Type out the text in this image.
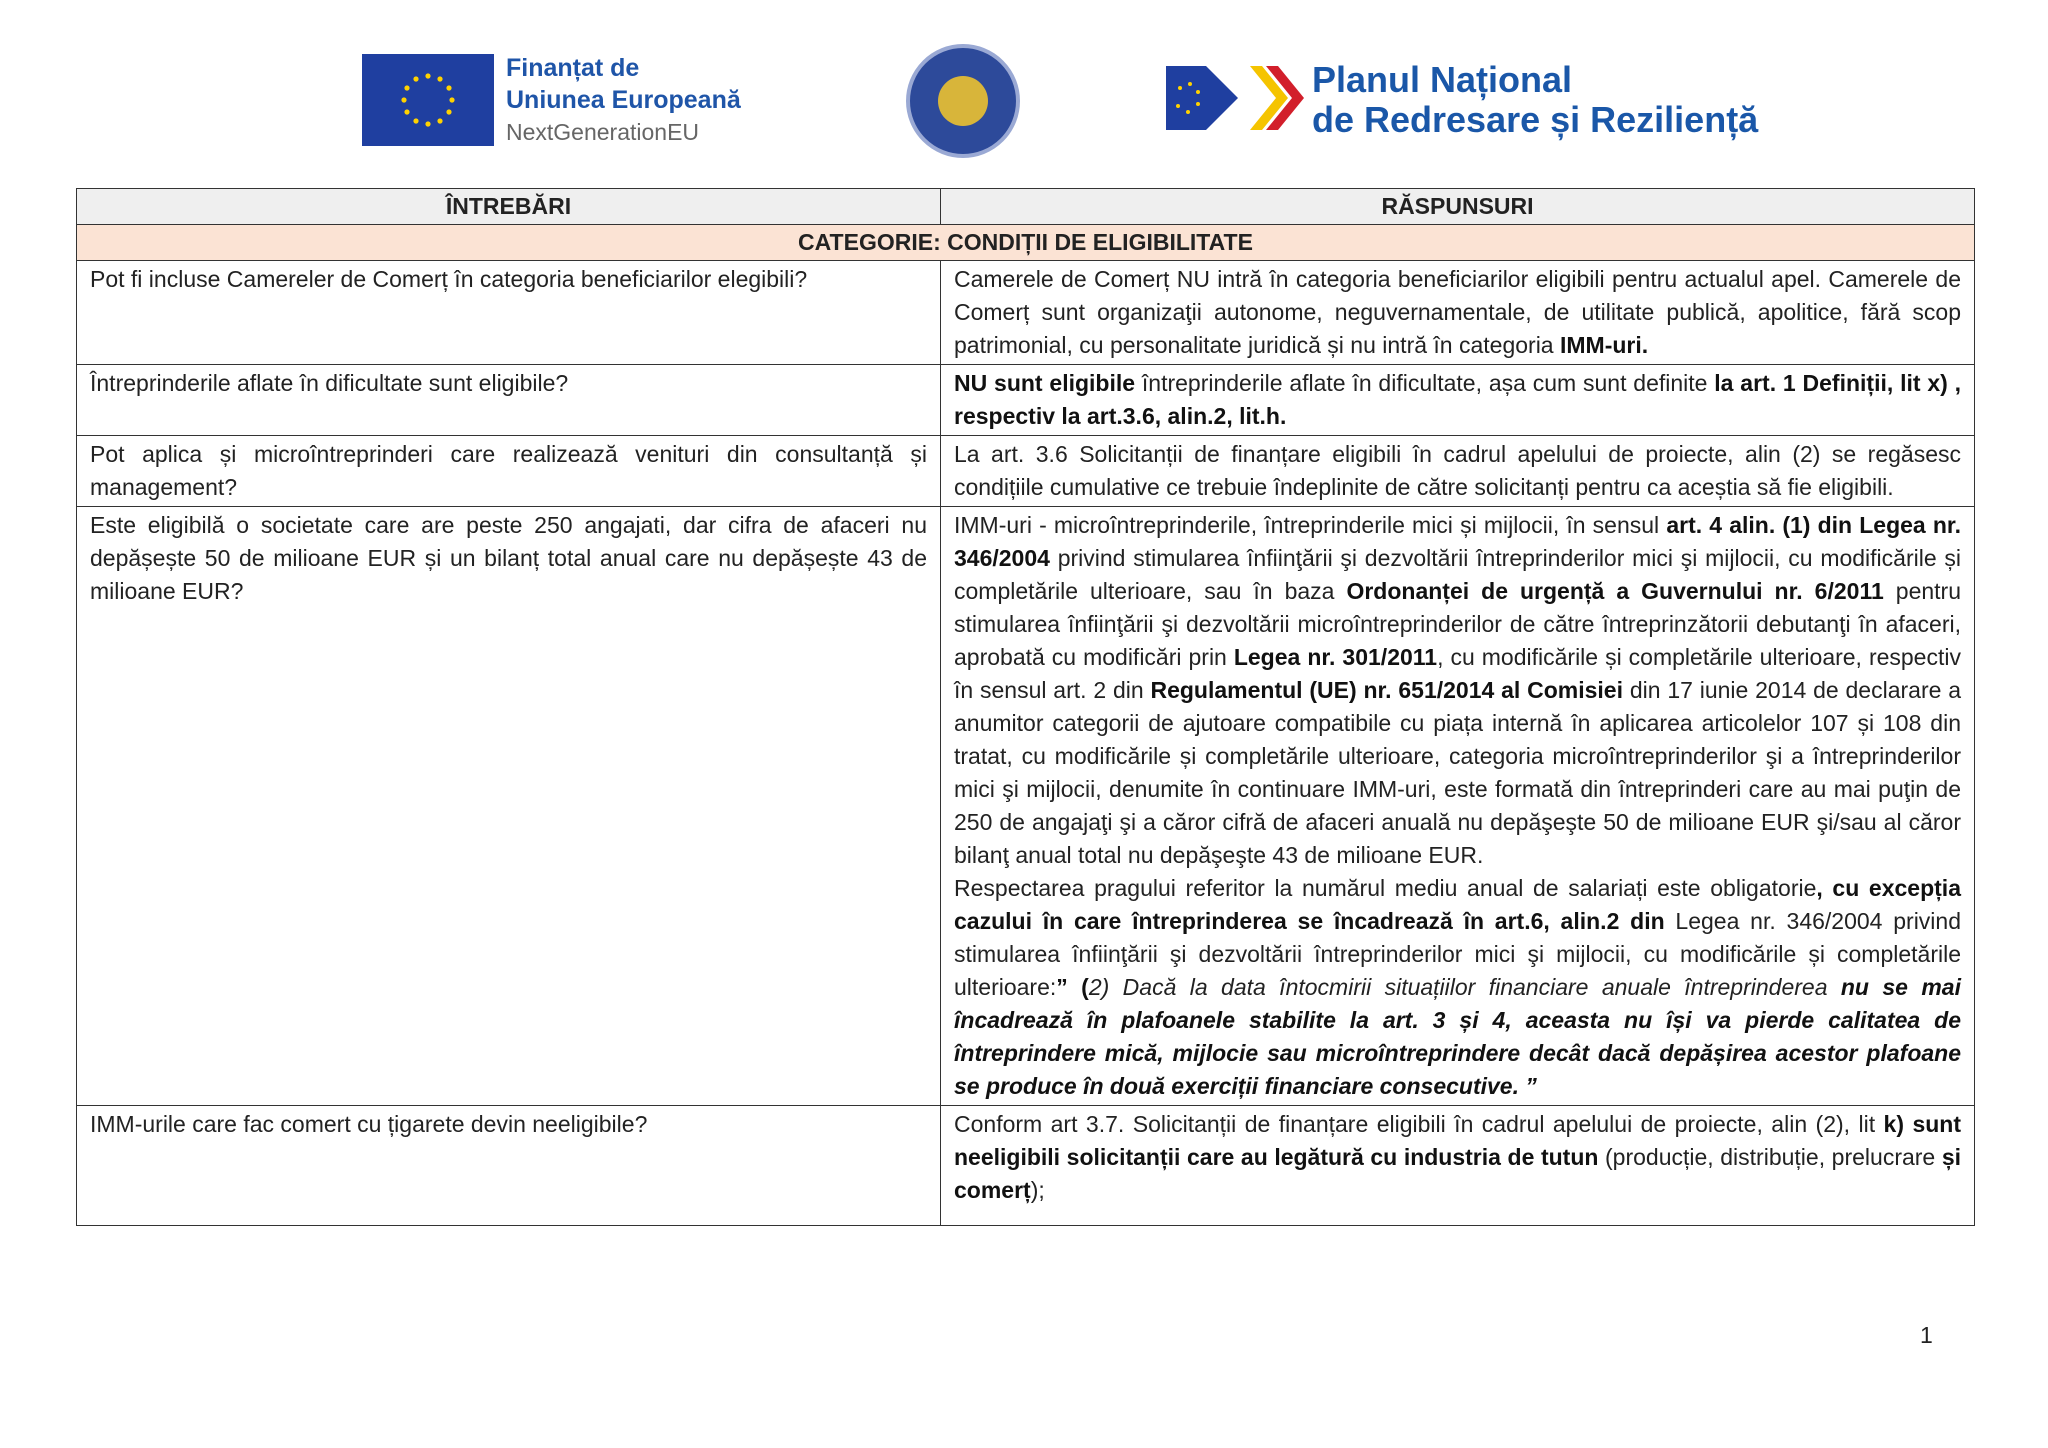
Finanțat de
Uniunea Europeană
NextGenerationEU
Planul Național
de Redresare și Reziliență
ÎNTREBĂRI	RĂSPUNSURI
CATEGORIE: CONDIȚII DE ELIGIBILITATE	
Pot fi incluse Camereler de Comerț în categoria beneficiarilor elegibili?	Camerele de Comerț NU intră în categoria beneficiarilor eligibili pentru actualul apel. Camerele de Comerț sunt organizaţii autonome, neguvernamentale, de utilitate publică, apolitice, fără scop patrimonial, cu personalitate juridică și nu intră în categoria IMM-uri.
Întreprinderile aflate în dificultate sunt eligibile?	NU sunt eligibile întreprinderile aflate în dificultate, așa cum sunt definite la art. 1 Definiții, lit x) , respectiv la art.3.6, alin.2, lit.h.
Pot aplica și microîntreprinderi care realizează venituri din consultanță și management?	La art. 3.6 Solicitanții de finanțare eligibili în cadrul apelului de proiecte, alin (2) se regăsesc condițiile cumulative ce trebuie îndeplinite de către solicitanți pentru ca aceștia să fie eligibili.
Este eligibilă o societate care are peste 250 angajati, dar cifra de afaceri nu depășește 50 de milioane EUR și un bilanț total anual care nu depășește 43 de milioane EUR?	IMM-uri - microîntreprinderile, întreprinderile mici și mijlocii, în sensul art. 4 alin. (1) din Legea nr. 346/2004 privind stimularea înfiinţării şi dezvoltării întreprinderilor mici şi mijlocii, cu modificările și completările ulterioare, sau în baza Ordonanței de urgență a Guvernului nr. 6/2011 pentru stimularea înfiinţării şi dezvoltării microîntreprinderilor de către întreprinzătorii debutanţi în afaceri, aprobată cu modificări prin Legea nr. 301/2011, cu modificările și completările ulterioare, respectiv în sensul art. 2 din Regulamentul (UE) nr. 651/2014 al Comisiei din 17 iunie 2014 de declarare a anumitor categorii de ajutoare compatibile cu piața internă în aplicarea articolelor 107 și 108 din tratat, cu modificările și completările ulterioare, categoria microîntreprinderilor şi a întreprinderilor mici şi mijlocii, denumite în continuare IMM-uri, este formată din întreprinderi care au mai puţin de 250 de angajaţi şi a căror cifră de afaceri anuală nu depăşeşte 50 de milioane EUR şi/sau al căror bilanţ anual total nu depăşeşte 43 de milioane EUR.
Respectarea pragului referitor la numărul mediu anual de salariați este obligatorie, cu excepția cazului în care întreprinderea se încadrează în art.6, alin.2 din Legea nr. 346/2004 privind stimularea înfiinţării şi dezvoltării întreprinderilor mici şi mijlocii, cu modificările și completările ulterioare:” (2) Dacă la data întocmirii situațiilor financiare anuale întreprinderea nu se mai încadrează în plafoanele stabilite la art. 3 și 4, aceasta nu își va pierde calitatea de întreprindere mică, mijlocie sau microîntreprindere decât dacă depășirea acestor plafoane se produce în două exerciții financiare consecutive. ”
IMM-urile care fac comert cu țigarete devin neeligibile?	Conform art 3.7. Solicitanții de finanțare eligibili în cadrul apelului de proiecte, alin (2), lit k) sunt neeligibili solicitanții care au legătură cu industria de tutun (producție, distribuție, prelucrare și comerț);
1
